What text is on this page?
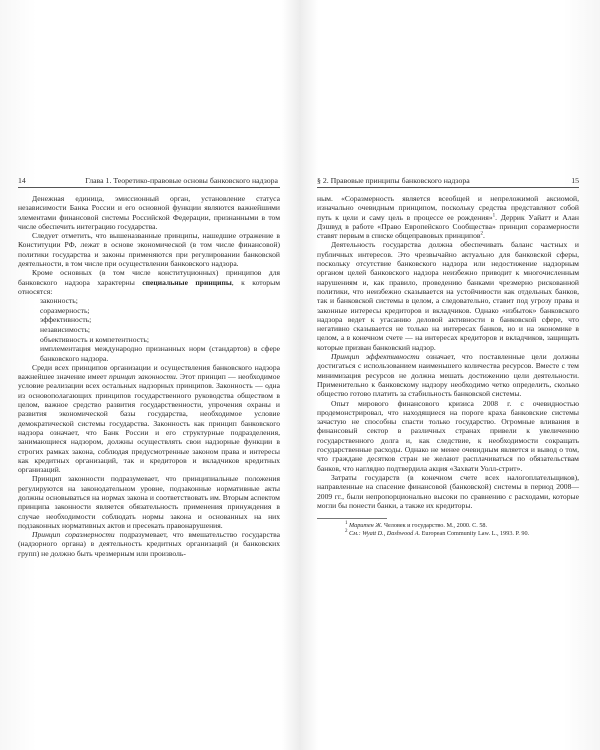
14	Глава 1. Теоретико-правовые основы банковского надзора

Денежная единица, эмиссионный орган, установление статуса независимости Банка России и его основной функции являются важнейшими элементами финансовой системы Российской Федерации, признанными в том числе обеспечить интеграцию государства.

Следует отметить, что вышеназванные принципы, нашедшие отражение в Конституции РФ, лежат в основе экономической (в том числе финансовой) политики государства и законы применяются при регулировании банковской деятельности, в том числе при осуществлении банковского надзора.

Кроме основных (в том числе конституционных) принципов для банковского надзора характерны специальные принципы, к которым относятся:

законность;
соразмерность;
эффективность;
независимость;
объективность и компетентность;

имплементация международно признанных норм (стандартов) в сфере банковского надзора.

Среди всех принципов организации и осуществления банковского надзора важнейшее значение имеет принцип законности. Этот принцип — необходимое условие реализации всех остальных надзорных принципов. Законность — одна из основополагающих принципов государственного руководства обществом в целом, важное средство развития государственности, упрочения охраны и развития экономической базы государства, необходимое условие демократической системы государства. Законность как принцип банковского надзора означает, что Банк России и его структурные подразделения, занимающиеся надзором, должны осуществлять свои надзорные функции в строгих рамках закона, соблюдая предусмотренные законом права и интересы как кредитных организаций, так и кредиторов и вкладчиков кредитных организаций.

Принцип законности подразумевает, что принципиальные положения регулируются на законодательном уровне, подзаконные нормативные акты должны основываться на нормах закона и соответствовать им. Вторым аспектом принципа законности является обязательность применения принуждения в случае необходимости соблюдать нормы закона и основанных на них подзаконных нормативных актов и пресекать правонарушения.

Принцип соразмерности подразумевает, что вмешательство государства (надзорного органа) в деятельность кредитных организаций (и банковских групп) не должно быть чрезмерным или произволь-

§ 2. Правовые принципы банковского надзора	15

ным. «Соразмерность является всеобщей и непреложимой аксиомой, изначально очевидным принципом, поскольку средства представляют собой путь к цели и саму цель в процессе ее рождения»$^1$. Деррик Уайатт и Алан Дэшвуд в работе «Право Европейского Сообщества» принцип соразмерности ставят первым в списке общеправовых принципов$^2$.

Деятельность государства должна обеспечивать баланс частных и публичных интересов. Это чрезвычайно актуально для банковской сферы, поскольку отсутствие банковского надзора или недостижение надзорным органом целей банковского надзора неизбежно приводит к многочисленным нарушениям и, как правило, проведению банками чрезмерно рискованной политики, что неизбежно сказывается на устойчивости как отдельных банков, так и банковской системы в целом, а следовательно, ставит под угрозу права и законные интересы кредиторов и вкладчиков. Однако «избыток» банковского надзора ведет к угасанию деловой активности в банковской сфере, что негативно сказывается не только на интересах банков, но и на экономике в целом, а в конечном счете — на интересах кредиторов и вкладчиков, защищать которые призван банковский надзор.

Принцип эффективности означает, что поставленные цели должны достигаться с использованием наименьшего количества ресурсов. Вместе с тем минимизация ресурсов не должна мешать достижению цели деятельности. Применительно к банковскому надзору необходимо четко определить, сколько общество готово платить за стабильность банковской системы.

Опыт мирового финансового кризиса 2008 г. с очевидностью продемонстрировал, что находящиеся на пороге краха банковские системы зачастую не способны спасти только государство. Огромные вливания в финансовый сектор в различных странах привели к увеличению государственного долга и, как следствие, к необходимости сокращать государственные расходы. Однако не менее очевидным является и вывод о том, что граждане десятков стран не желают расплачиваться по обязательствам банков, что наглядно подтвердила акция «Захвати Уолл-стрит».

Затраты государств (в конечном счете всех налогоплательщиков), направленные на спасение финансовой (банковской) системы в период 2008—2009 гг., были непропорционально высоки по сравнению с расходами, которые могли бы понести банки, а также их кредиторы.

$^1$ Маритен Ж. Человек и государство. М., 2000. С. 58.
$^2$ См.: Wyatt D., Dashwood A. European Community Law. L., 1993. P. 90.
